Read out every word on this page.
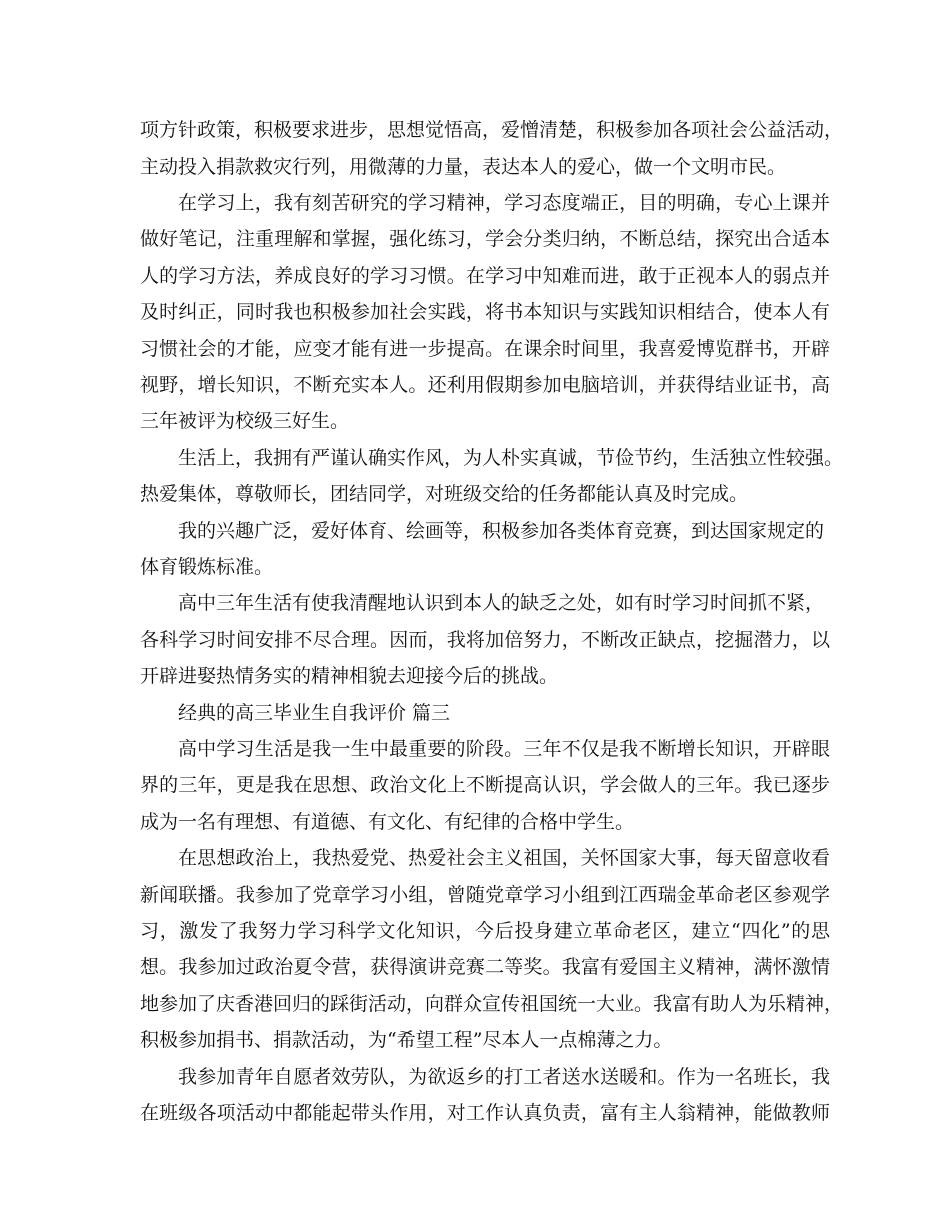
项方针政策，积极要求进步，思想觉悟高，爱憎清楚，积极参加各项社会公益活动，
主动投入捐款救灾行列，用微薄的力量，表达本人的爱心，做一个文明市民。
在学习上，我有刻苦研究的学习精神，学习态度端正，目的明确，专心上课并
做好笔记，注重理解和掌握，强化练习，学会分类归纳，不断总结，探究出合适本
人的学习方法，养成良好的学习习惯。在学习中知难而进，敢于正视本人的弱点并
及时纠正，同时我也积极参加社会实践，将书本知识与实践知识相结合，使本人有
习惯社会的才能，应变才能有进一步提高。在课余时间里，我喜爱博览群书，开辟
视野，增长知识，不断充实本人。还利用假期参加电脑培训，并获得结业证书，高
三年被评为校级三好生。
生活上，我拥有严谨认确实作风，为人朴实真诚，节俭节约，生活独立性较强。
热爱集体，尊敬师长，团结同学，对班级交给的任务都能认真及时完成。
我的兴趣广泛，爱好体育、绘画等，积极参加各类体育竞赛，到达国家规定的
体育锻炼标准。
高中三年生活有使我清醒地认识到本人的缺乏之处，如有时学习时间抓不紧，
各科学习时间安排不尽合理。因而，我将加倍努力，不断改正缺点，挖掘潜力，以
开辟进娶热情务实的精神相貌去迎接今后的挑战。
经典的高三毕业生自我评价 篇三
高中学习生活是我一生中最重要的阶段。三年不仅是我不断增长知识，开辟眼
界的三年，更是我在思想、政治文化上不断提高认识，学会做人的三年。我已逐步
成为一名有理想、有道德、有文化、有纪律的合格中学生。
在思想政治上，我热爱党、热爱社会主义祖国，关怀国家大事，每天留意收看
新闻联播。我参加了党章学习小组，曾随党章学习小组到江西瑞金革命老区参观学
习，激发了我努力学习科学文化知识，今后投身建立革命老区，建立“四化”的思
想。我参加过政治夏令营，获得演讲竞赛二等奖。我富有爱国主义精神，满怀激情
地参加了庆香港回归的踩街活动，向群众宣传祖国统一大业。我富有助人为乐精神，
积极参加捐书、捐款活动，为“希望工程”尽本人一点棉薄之力。
我参加青年自愿者效劳队，为欲返乡的打工者送水送暖和。作为一名班长，我
在班级各项活动中都能起带头作用，对工作认真负责，富有主人翁精神，能做教师
